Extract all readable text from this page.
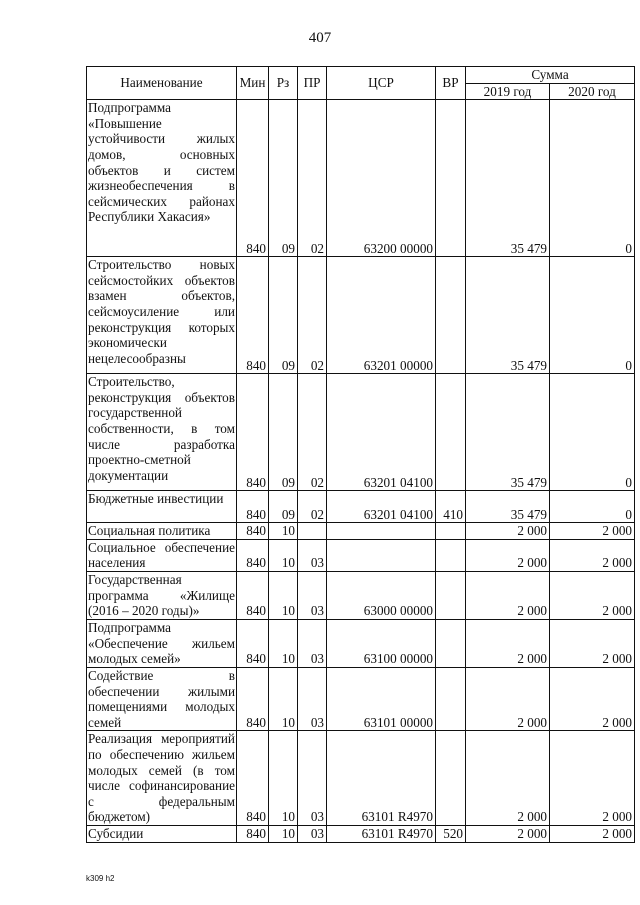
407
Наименование	Мин	Рз	ПР	ЦСР	ВР	Сумма	
						2019 год	2020 год
Подпрограмма «Повышение устойчивости жилых домов, основных объектов и систем жизнеобеспечения в сейсмических районах Республики Хакасия»	840	09	02	63200 00000		35 479	0
Строительство новых сейсмостойких объектов взамен объектов, сейсмоусиление или реконструкция которых экономически нецелесообразны	840	09	02	63201 00000		35 479	0
Строительство, реконструкция объектов государственной собственности, в том числе разработка проектно-сметной документации	840	09	02	63201 04100		35 479	0
Бюджетные инвестиции	840	09	02	63201 04100	410	35 479	0
Социальная политика	840	10				2 000	2 000
Социальное обеспечение населения	840	10	03			2 000	2 000
Государственная программа «Жилище (2016 – 2020 годы)»	840	10	03	63000 00000		2 000	2 000
Подпрограмма «Обеспечение жильем молодых семей»	840	10	03	63100 00000		2 000	2 000
Содействие в обеспечении жилыми помещениями молодых семей	840	10	03	63101 00000		2 000	2 000
Реализация мероприятий по обеспечению жильем молодых семей (в том числе софинансирование с федеральным бюджетом)	840	10	03	63101 R4970		2 000	2 000
Субсидии	840	10	03	63101 R4970	520	2 000	2 000
k309 h2
